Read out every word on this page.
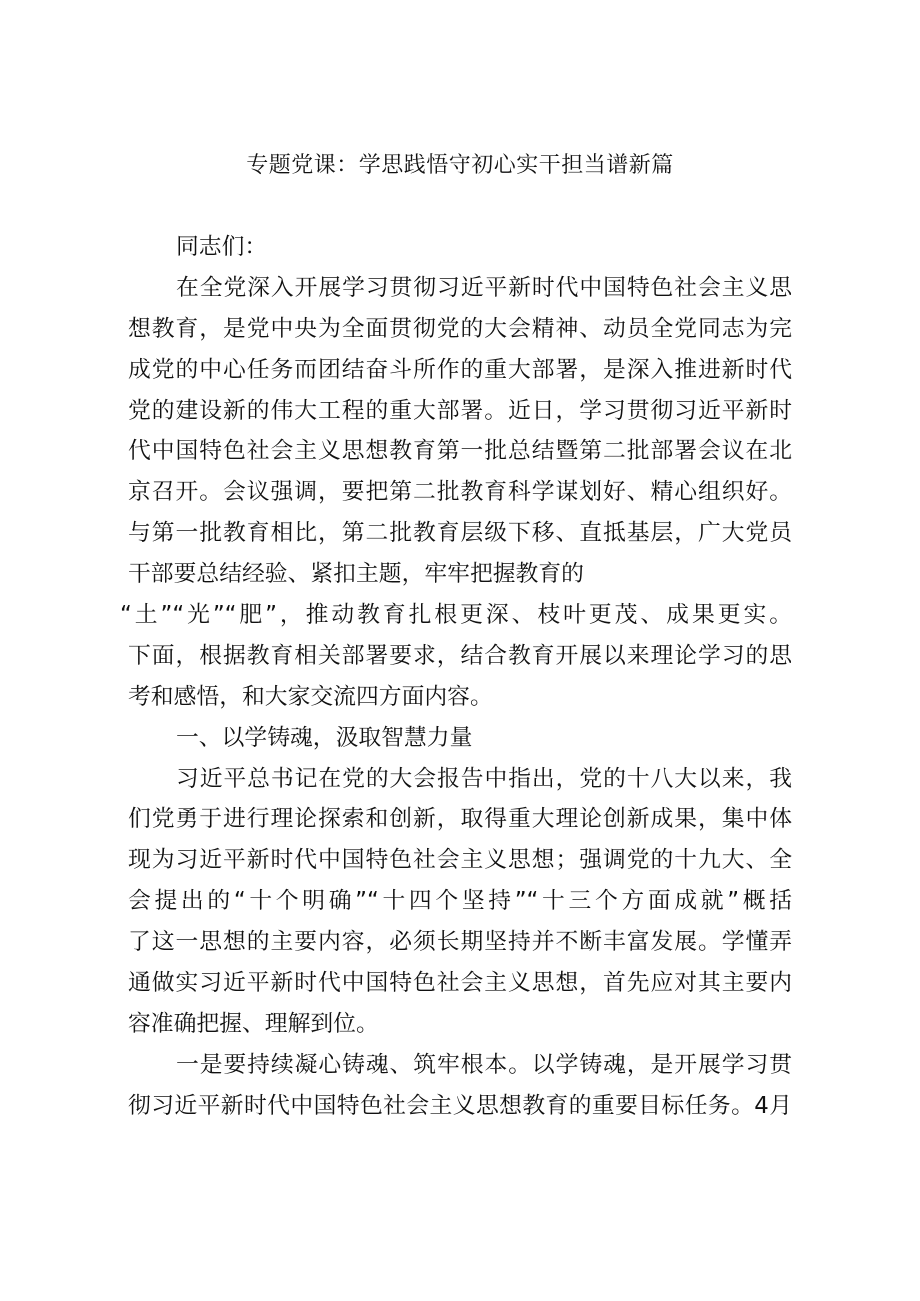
专题党课：学思践悟守初心实干担当谱新篇
同志们：
在全党深入开展学习贯彻习近平新时代中国特色社会主义思
想教育，是党中央为全面贯彻党的大会精神、动员全党同志为完
成党的中心任务而团结奋斗所作的重大部署，是深入推进新时代
党的建设新的伟大工程的重大部署。近日，学习贯彻习近平新时
代中国特色社会主义思想教育第一批总结暨第二批部署会议在北
京召开。会议强调，要把第二批教育科学谋划好、精心组织好。
与第一批教育相比，第二批教育层级下移、直抵基层，广大党员
干部要总结经验、紧扣主题，牢牢把握教育的
“土”“光”“肥”，推动教育扎根更深、枝叶更茂、成果更实。
下面，根据教育相关部署要求，结合教育开展以来理论学习的思
考和感悟，和大家交流四方面内容。
一、以学铸魂，汲取智慧力量
习近平总书记在党的大会报告中指出，党的十八大以来，我
们党勇于进行理论探索和创新，取得重大理论创新成果，集中体
现为习近平新时代中国特色社会主义思想；强调党的十九大、全
会提出的“十个明确”“十四个坚持”“十三个方面成就”概括
了这一思想的主要内容，必须长期坚持并不断丰富发展。学懂弄
通做实习近平新时代中国特色社会主义思想，首先应对其主要内
容准确把握、理解到位。
一是要持续凝心铸魂、筑牢根本。以学铸魂，是开展学习贯
彻习近平新时代中国特色社会主义思想教育的重要目标任务。4月
